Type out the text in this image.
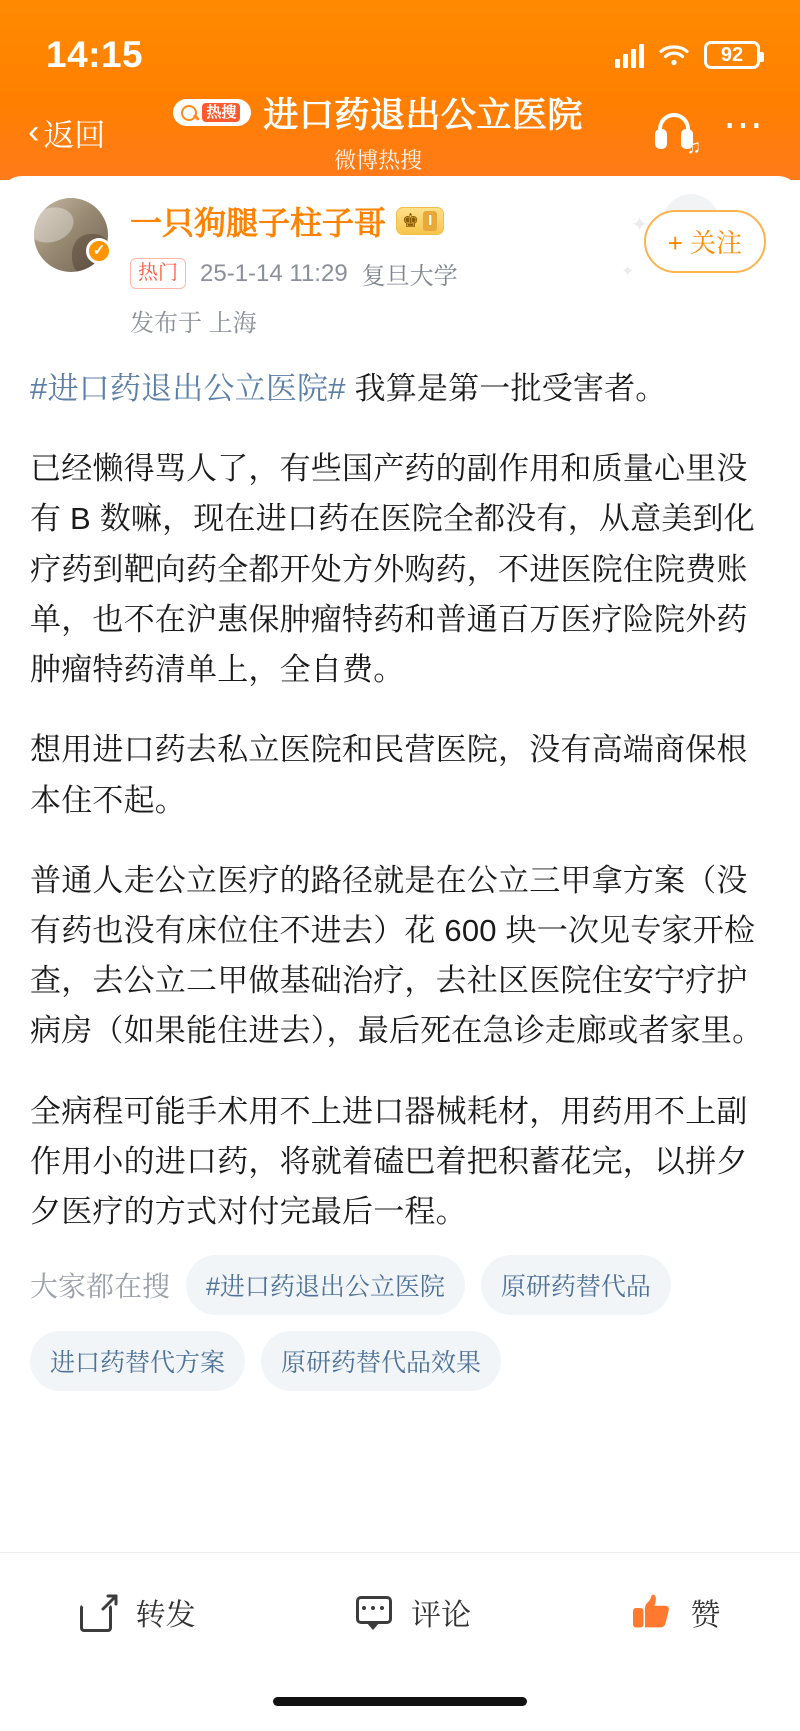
14:15	92
‹ 返回
热搜 进口药退出公立医院
微博热搜	♫
⋯
✦
✦
✓
一只狗腿子柱子哥 ♚ I
热门 25-1-14 11:29 复旦大学
发布于 上海
+ 关注

#进口药退出公立医院# 我算是第一批受害者。

已经懒得骂人了，有些国产药的副作用和质量心里没有 B 数嘛，现在进口药在医院全都没有，从意美到化疗药到靶向药全都开处方外购药，不进医院住院费账单，也不在沪惠保肿瘤特药和普通百万医疗险院外药肿瘤特药清单上，全自费。

想用进口药去私立医院和民营医院，没有高端商保根本住不起。

普通人走公立医疗的路径就是在公立三甲拿方案（没有药也没有床位住不进去）花 600 块一次见专家开检查，去公立二甲做基础治疗，去社区医院住安宁疗护病房（如果能住进去），最后死在急诊走廊或者家里。

全病程可能手术用不上进口器械耗材，用药用不上副作用小的进口药，将就着磕巴着把积蓄花完，以拼夕夕医疗的方式对付完最后一程。

大家都在搜	#进口药退出公立医院	原研药替代品
进口药替代方案	原研药替代品效果
转发	评论	赞
